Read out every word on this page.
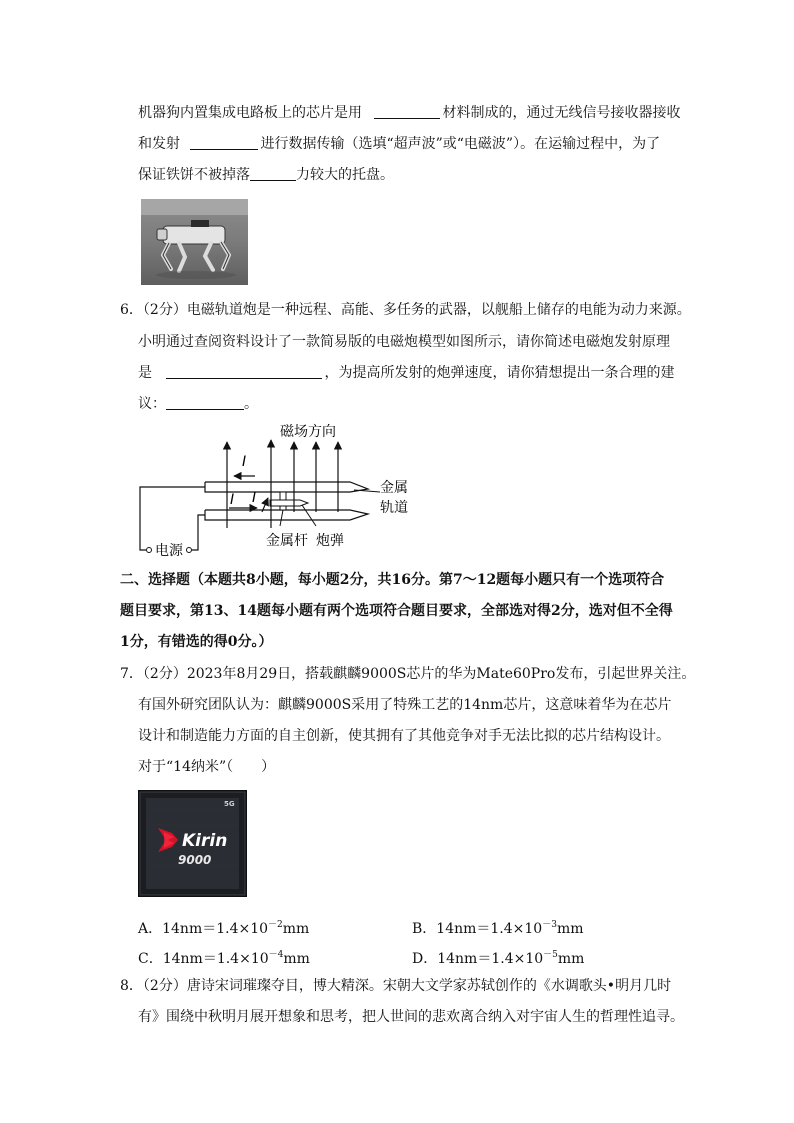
机器狗内置集成电路板上的芯片是用	材料制成的，通过无线信号接收器接收
和发射	进行数据传输（选填“超声波”或“电磁波”）。在运输过程中，为了
保证铁饼不被掉落	力较大的托盘。
6．（2分）电磁轨道炮是一种远程、高能、多任务的武器，以舰船上储存的电能为动力来源。
小明通过查阅资料设计了一款简易版的电磁炮模型如图所示，请你简述电磁炮发射原理
是	，为提高所发射的炮弹速度，请你猜想提出一条合理的建
议：	。
磁场方向
I
I I
金属
轨道
电源
金属杆 炮弹
二、选择题（本题共8小题，每小题2分，共16分。第7～12题每小题只有一个选项符合
题目要求，第13、14题每小题有两个选项符合题目要求，全部选对得2分，选对但不全得
1分，有错选的得0分。）
7．（2分）2023年8月29日，搭载麒麟9000S芯片的华为Mate60Pro发布，引起世界关注。
有国外研究团队认为：麒麟9000S采用了特殊工艺的14nm芯片，这意味着华为在芯片
设计和制造能力方面的自主创新，使其拥有了其他竞争对手无法比拟的芯片结构设计。
对于“14纳米”（　　）
Kirin
9000
5G
A．$14nm=1.4\times 10^{-2}mm$	B．$14nm=1.4\times 10^{-3}mm$
C．$14nm=1.4\times 10^{-4}mm$	D．$14nm=1.4\times 10^{-5}mm$
8．（2分）唐诗宋词璀璨夺目，博大精深。宋朝大文学家苏轼创作的《水调歌头•明月几时
有》围绕中秋明月展开想象和思考，把人世间的悲欢离合纳入对宇宙人生的哲理性追寻。
